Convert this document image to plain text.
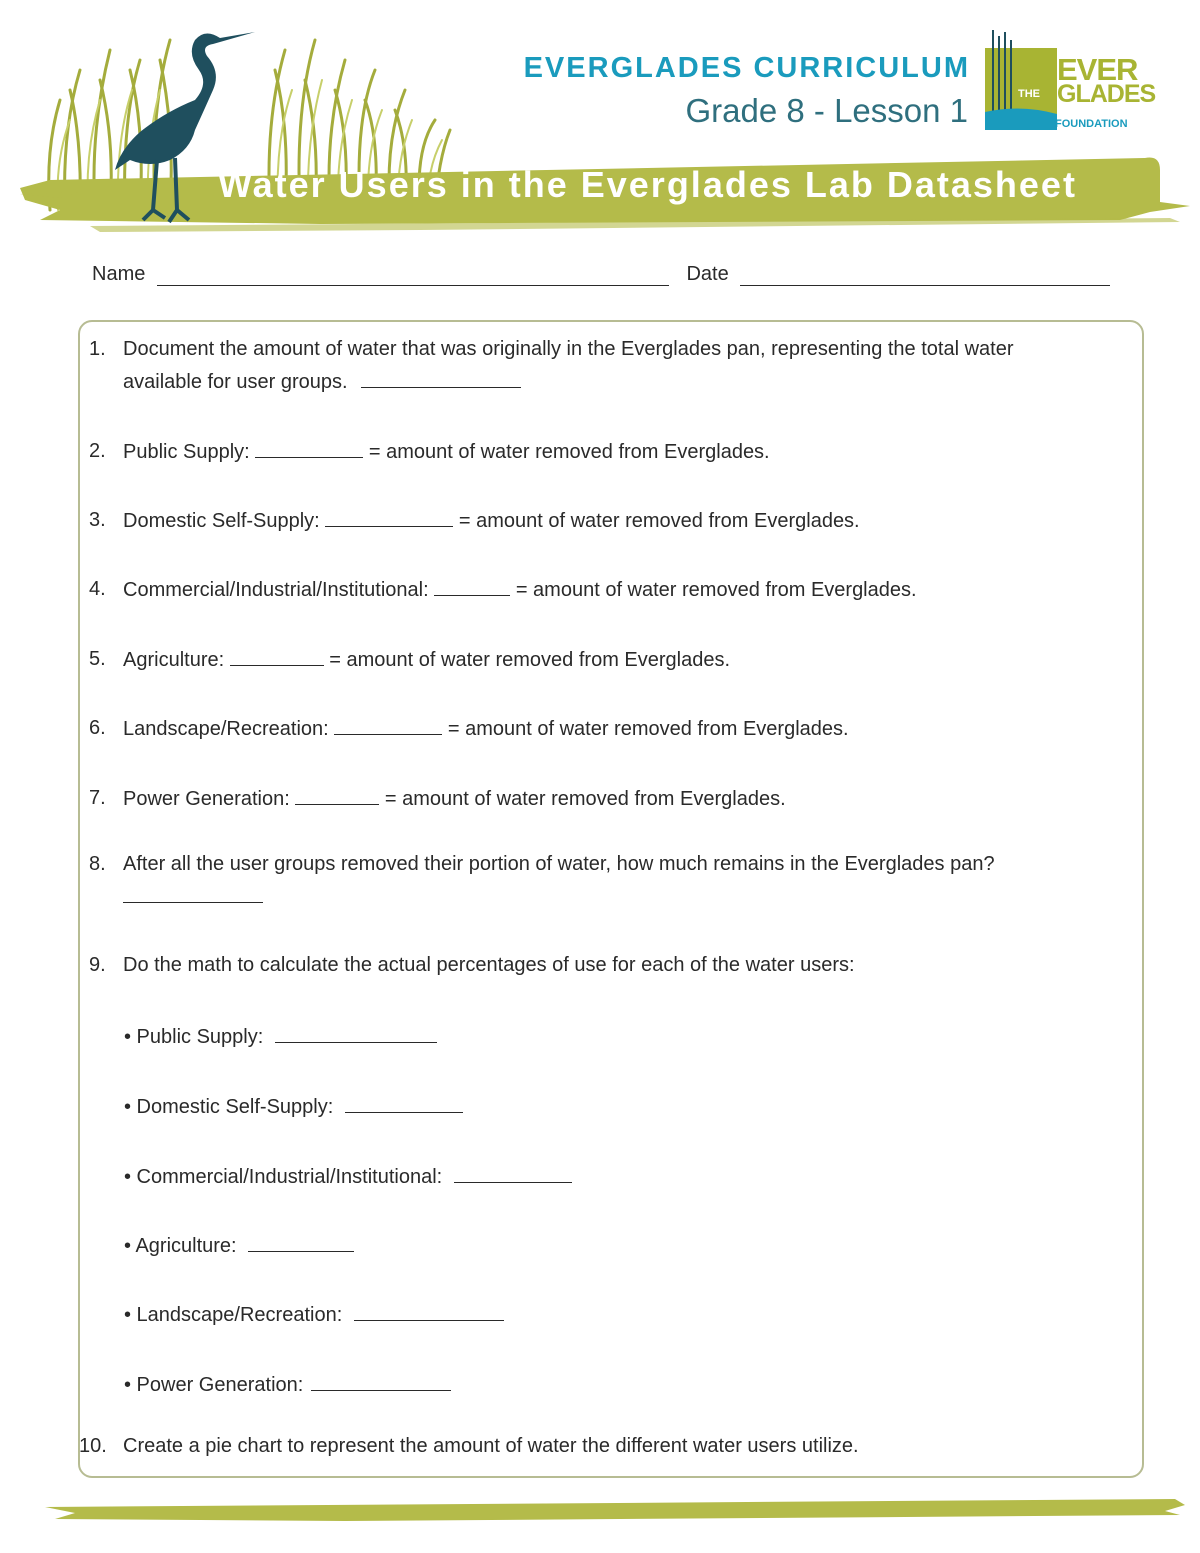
EVERGLADES CURRICULUM
Grade 8 - Lesson 1	THE
EVER
GLADES
FOUNDATION
Water Users in the Everglades Lab Datasheet
Name	Date
1. Document the amount of water that was originally in the Everglades pan, representing the total water
available for user groups.
2. Public Supply:	= amount of water removed from Everglades.
3. Domestic Self-Supply:	= amount of water removed from Everglades.
4. Commercial/Industrial/Institutional:	= amount of water removed from Everglades.
5. Agriculture:	= amount of water removed from Everglades.
6. Landscape/Recreation:	= amount of water removed from Everglades.
7. Power Generation:	= amount of water removed from Everglades.
8. After all the user groups removed their portion of water, how much remains in the Everglades pan?
9. Do the math to calculate the actual percentages of use for each of the water users:
• Public Supply:
• Domestic Self-Supply:
• Commercial/Industrial/Institutional:
• Agriculture:
• Landscape/Recreation:
• Power Generation:
10. Create a pie chart to represent the amount of water the different water users utilize.
